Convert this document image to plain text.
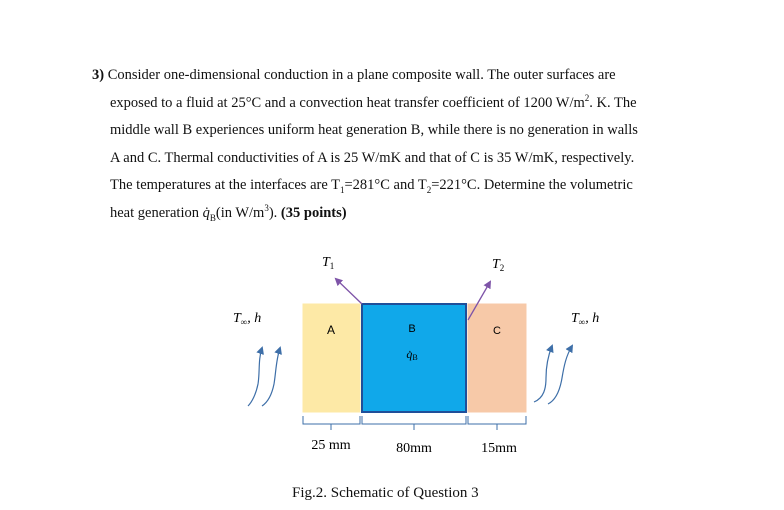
3) Consider one-dimensional conduction in a plane composite wall. The outer surfaces are

exposed to a fluid at 25°C and a convection heat transfer coefficient of 1200 $W/m^2$. K. The

middle wall B experiences uniform heat generation B, while there is no generation in walls

A and C. Thermal conductivities of A is 25 W/mK and that of C is 35 W/mK, respectively.

The temperatures at the interfaces are $T_1=281^\circ C$ and $T_2=221^\circ C$. Determine the volumetric

heat generation $q̇_B(in$ $W/m^3$). (35 points)

A	B
q̇B
C
$T_1$	$T_2$
$T_\infty$, h	$T_\infty$, h
25 mm	80mm	15mm
Fig.2. Schematic of Question 3
